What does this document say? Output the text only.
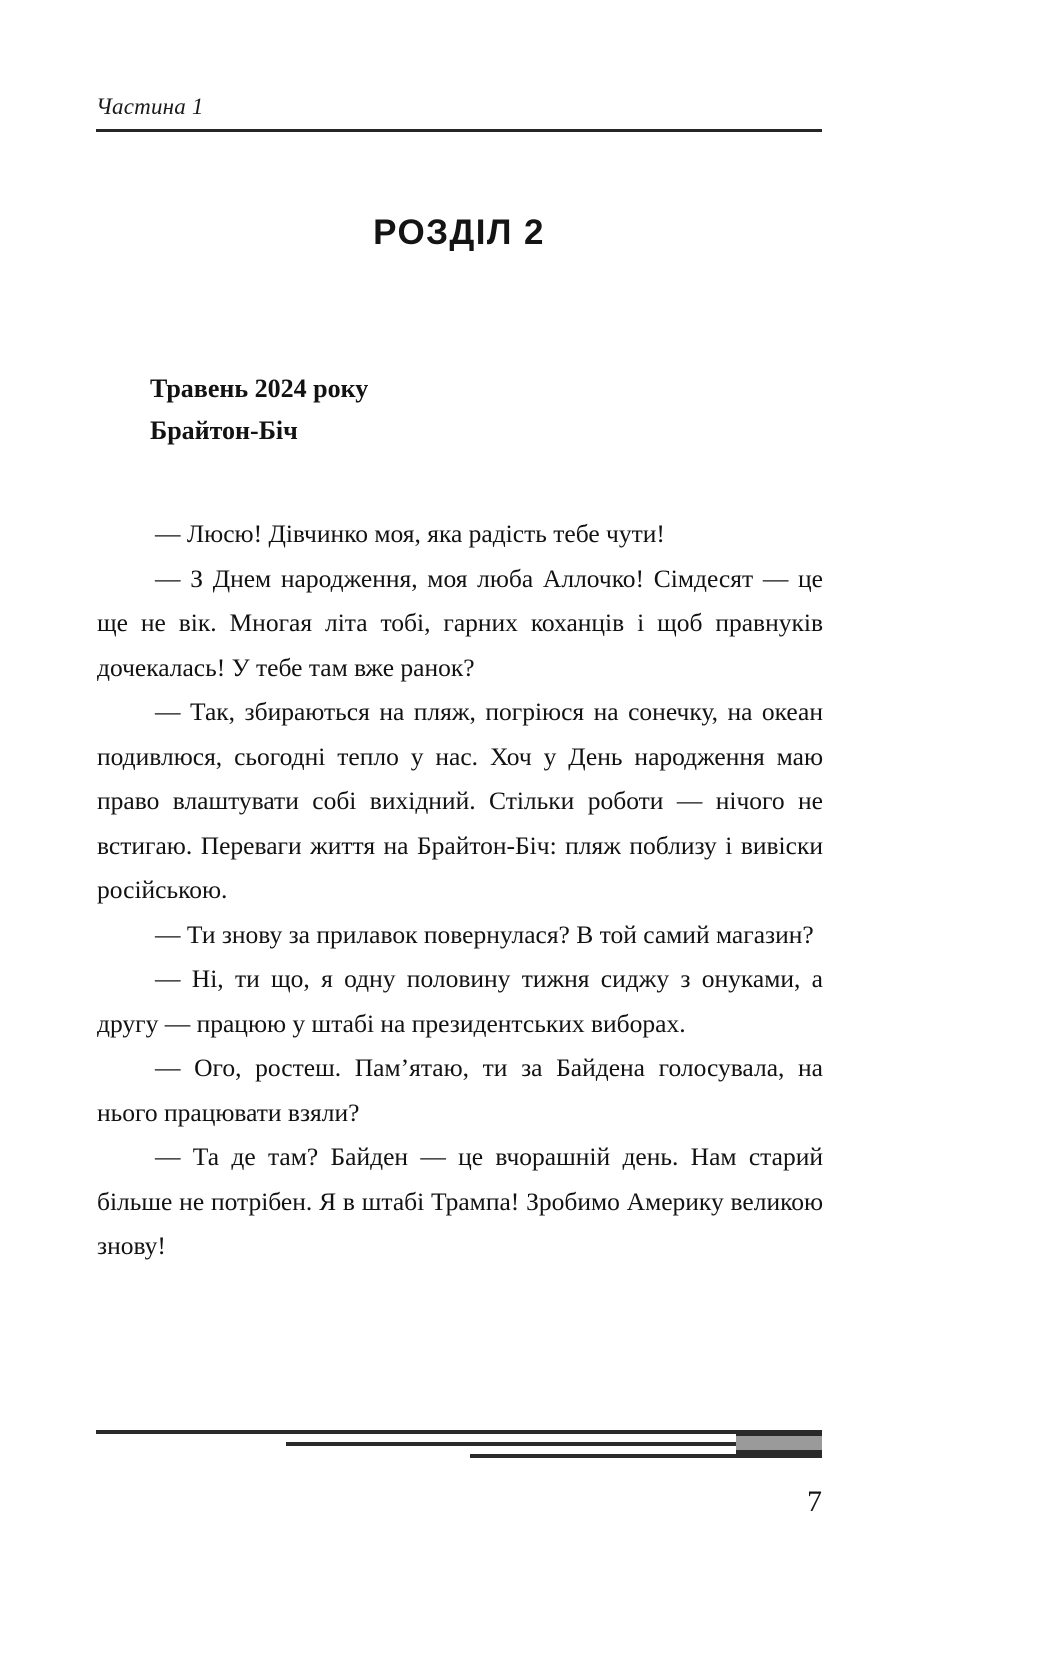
Частина 1
РОЗДІЛ 2
Травень 2024 року
Брайтон-Біч

— Люсю! Дівчинко моя, яка радість тебе чути!

— З Днем народження, моя люба Аллочко! Сімдесят — це ще не вік. Многая літа тобі, гарних коханців і щоб правнуків дочекалась! У тебе там вже ранок?

— Так, збираються на пляж, погріюся на сонечку, на океан подивлюся, сьогодні тепло у нас. Хоч у День народження маю право влаштувати собі вихідний. Стільки роботи — нічого не встигаю. Переваги життя на Брайтон-Біч: пляж поблизу і вивіски російською.

— Ти знову за прилавок повернулася? В той самий магазин?

— Ні, ти що, я одну половину тижня сиджу з онуками, а другу — працюю у штабі на президентських виборах.

— Ого, ростеш. Пам’ятаю, ти за Байдена голосувала, на нього працювати взяли?

— Та де там? Байден — це вчорашній день. Нам старий більше не потрібен. Я в штабі Трампа! Зробимо Америку великою знову!

7
